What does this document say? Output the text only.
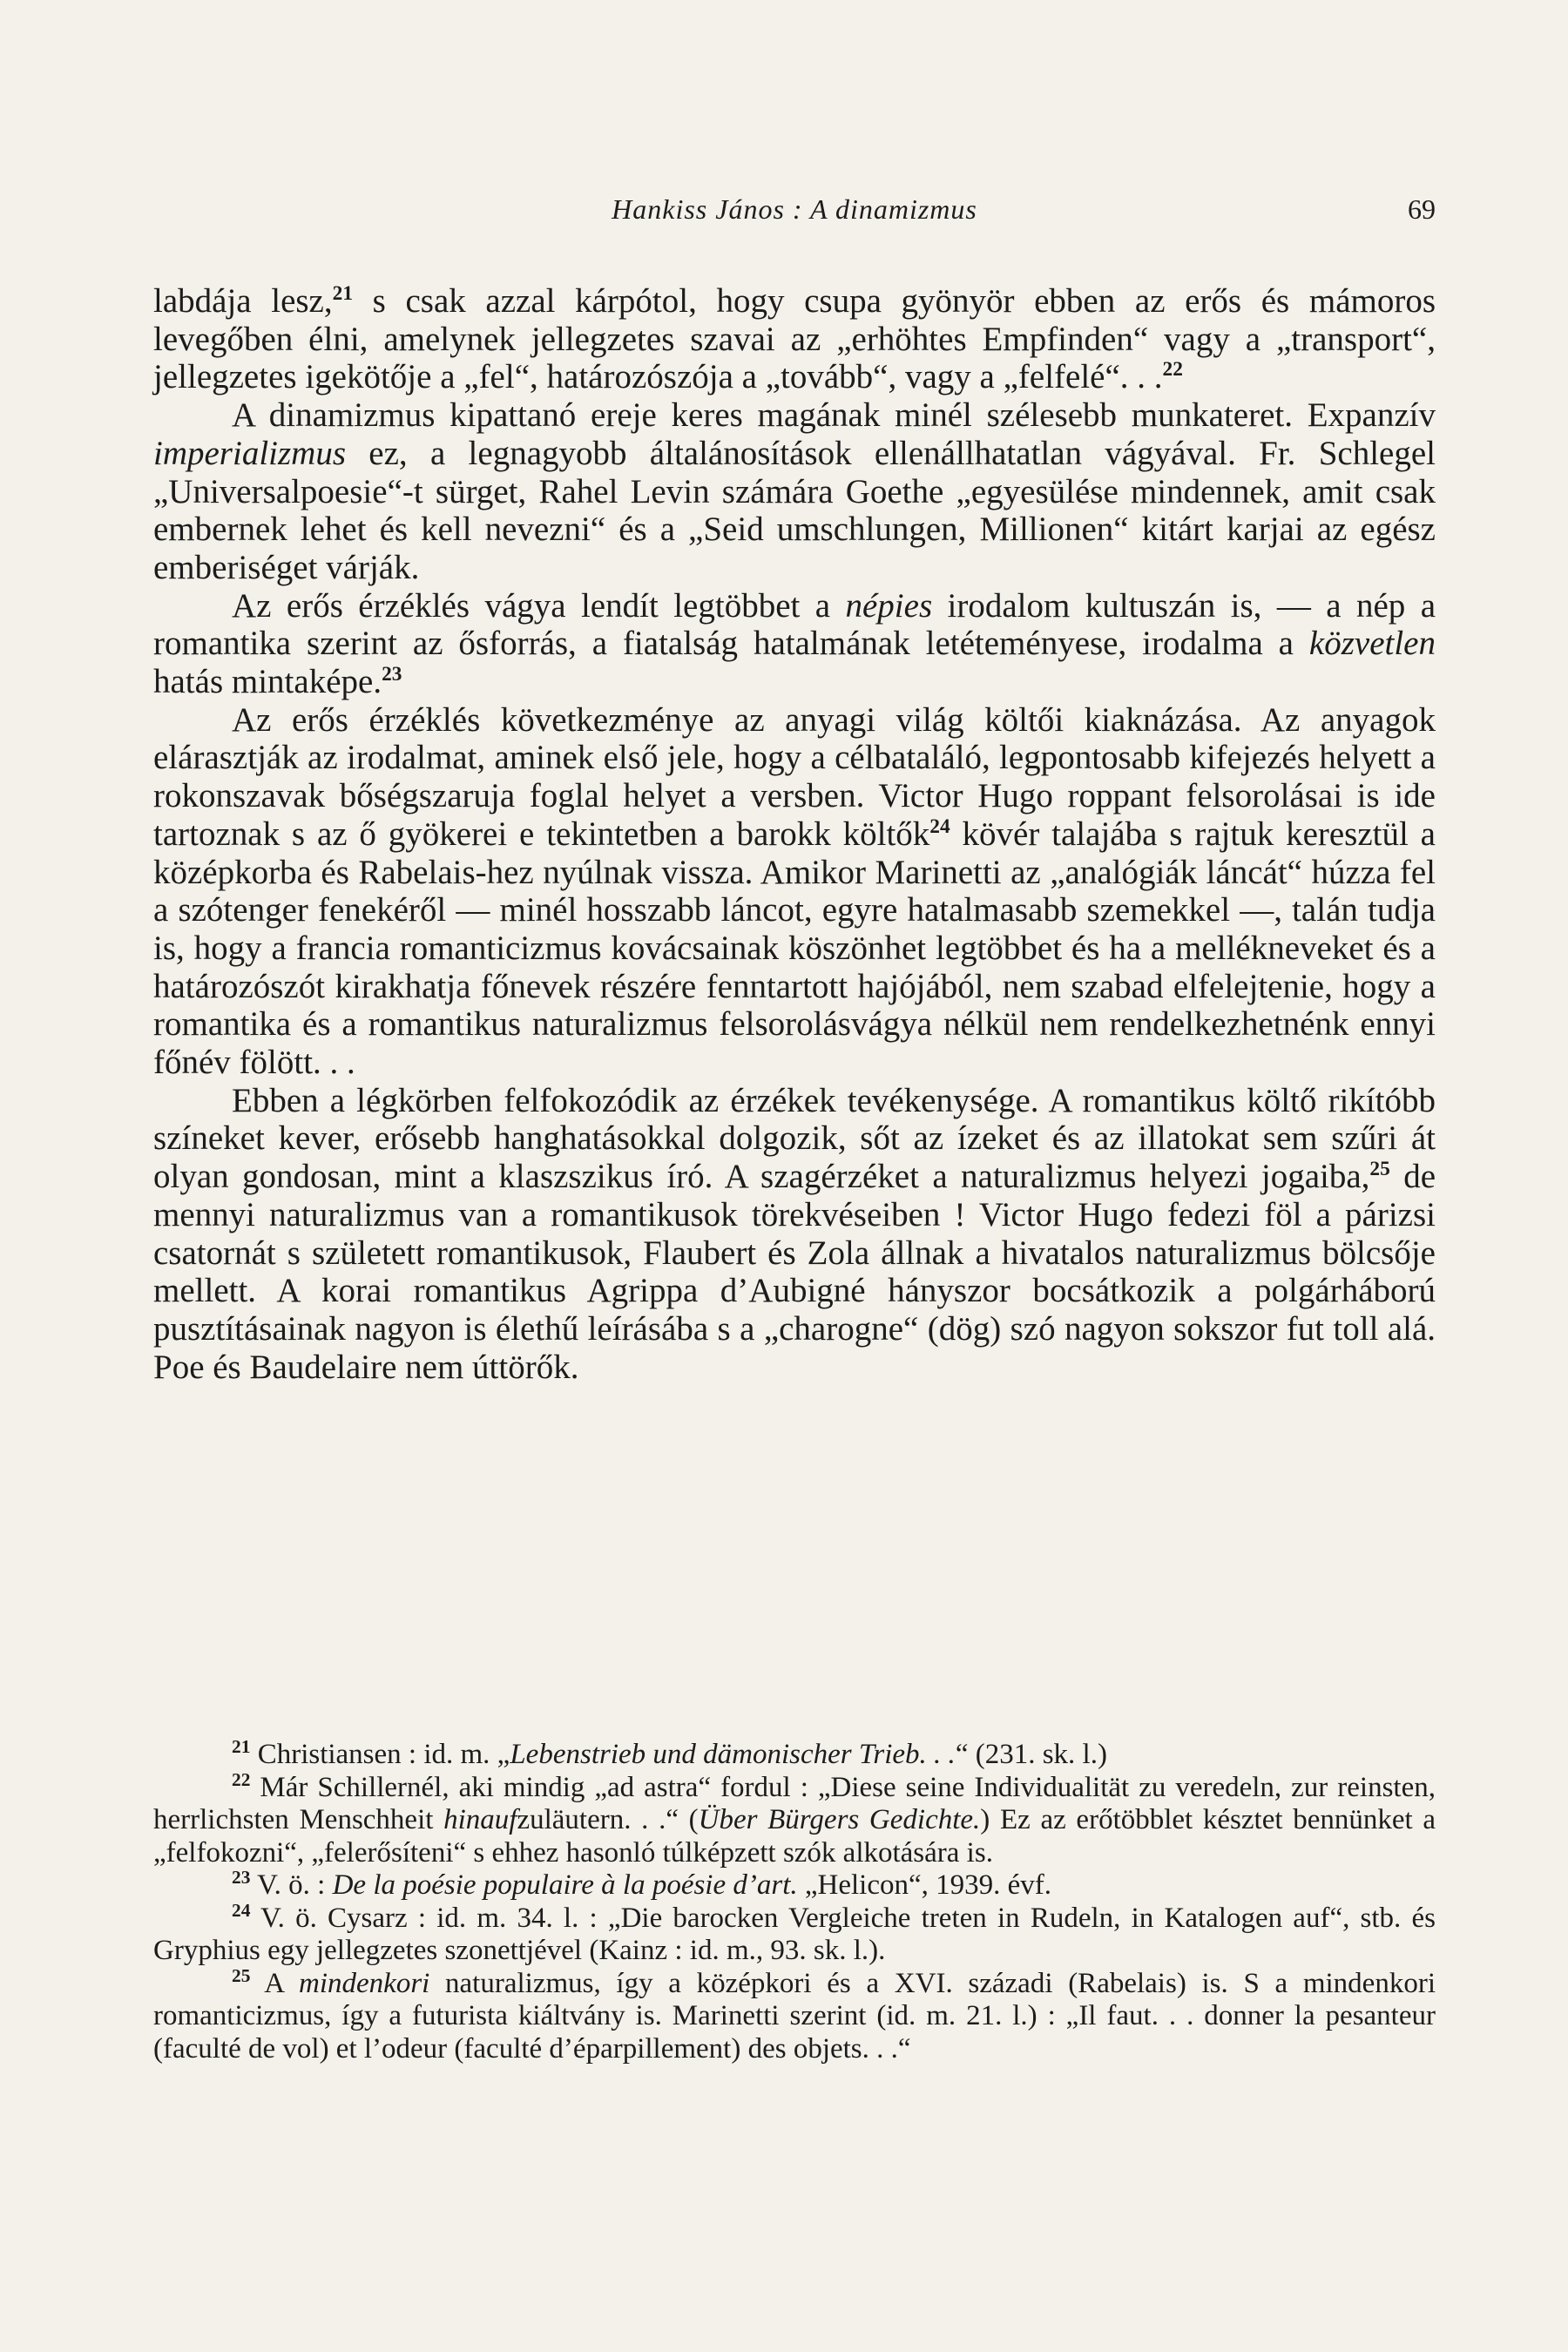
Hankiss János : A dinamizmus	69

labdája lesz,$^{21}$ s csak azzal kárpótol, hogy csupa gyönyör ebben az erős és mámoros levegőben élni, amelynek jellegzetes szavai az „erhöhtes Empfinden“ vagy a „transport“, jellegzetes igekötője a „fel“, határozószója a „tovább“, vagy a „felfelé“. . .$^{22}$

A dinamizmus kipattanó ereje keres magának minél szélesebb munkateret. Expanzív imperializmus ez, a legnagyobb általánosítások ellenállhatatlan vágyával. Fr. Schlegel „Universalpoesie“-t sürget, Rahel Levin számára Goethe „egyesülése mindennek, amit csak embernek lehet és kell nevezni“ és a „Seid umschlungen, Millionen“ kitárt karjai az egész emberiséget várják.

Az erős érzéklés vágya lendít legtöbbet a népies irodalom kultuszán is, — a nép a romantika szerint az ősforrás, a fiatalság hatalmának letéteményese, irodalma a közvetlen hatás mintaképe.$^{23}$

Az erős érzéklés következménye az anyagi világ költői kiaknázása. Az anyagok elárasztják az irodalmat, aminek első jele, hogy a célbataláló, legpontosabb kifejezés helyett a rokonszavak bőségszaruja foglal helyet a versben. Victor Hugo roppant felsorolásai is ide tartoznak s az ő gyökerei e tekintetben a barokk költők$^{24}$ kövér talajába s rajtuk keresztül a középkorba és Rabelais-hez nyúlnak vissza. Amikor Marinetti az „analógiák láncát“ húzza fel a szótenger fenekéről — minél hosszabb láncot, egyre hatalmasabb szemekkel —, talán tudja is, hogy a francia romanticizmus kovácsainak köszönhet legtöbbet és ha a mellékneveket és a határozószót kirakhatja főnevek részére fenntartott hajójából, nem szabad elfelejtenie, hogy a romantika és a romantikus naturalizmus felsorolásvágya nélkül nem rendelkezhetnénk ennyi főnév fölött. . .

Ebben a légkörben felfokozódik az érzékek tevékenysége. A romantikus költő rikítóbb színeket kever, erősebb hanghatásokkal dolgozik, sőt az ízeket és az illatokat sem szűri át olyan gondosan, mint a klaszszikus író. A szagérzéket a naturalizmus helyezi jogaiba,$^{25}$ de mennyi naturalizmus van a romantikusok törekvéseiben ! Victor Hugo fedezi föl a párizsi csatornát s született romantikusok, Flaubert és Zola állnak a hivatalos naturalizmus bölcsője mellett. A korai romantikus Agrippa d’Aubigné hányszor bocsátkozik a polgárháború pusztításainak nagyon is élethű leírásába s a „charogne“ (dög) szó nagyon sokszor fut toll alá. Poe és Baudelaire nem úttörők.

$^{21}$ Christiansen : id. m. „Lebenstrieb und dämonischer Trieb. . .“ (231. sk. l.)

$^{22}$ Már Schillernél, aki mindig „ad astra“ fordul : „Diese seine Individualität zu veredeln, zur reinsten, herrlichsten Menschheit hinaufzuläutern. . .“ (Über Bürgers Gedichte.) Ez az erőtöbblet késztet bennünket a „felfokozni“, „felerősíteni“ s ehhez hasonló túlképzett szók alkotására is.

$^{23}$ V. ö. : De la poésie populaire à la poésie d’art. „Helicon“, 1939. évf.

$^{24}$ V. ö. Cysarz : id. m. 34. l. : „Die barocken Vergleiche treten in Rudeln, in Katalogen auf“, stb. és Gryphius egy jellegzetes szonettjével (Kainz : id. m., 93. sk. l.).

$^{25}$ A mindenkori naturalizmus, így a középkori és a XVI. századi (Rabelais) is. S a mindenkori romanticizmus, így a futurista kiáltvány is. Marinetti szerint (id. m. 21. l.) : „Il faut. . . donner la pesanteur (faculté de vol) et l’odeur (faculté d’éparpillement) des objets. . .“
